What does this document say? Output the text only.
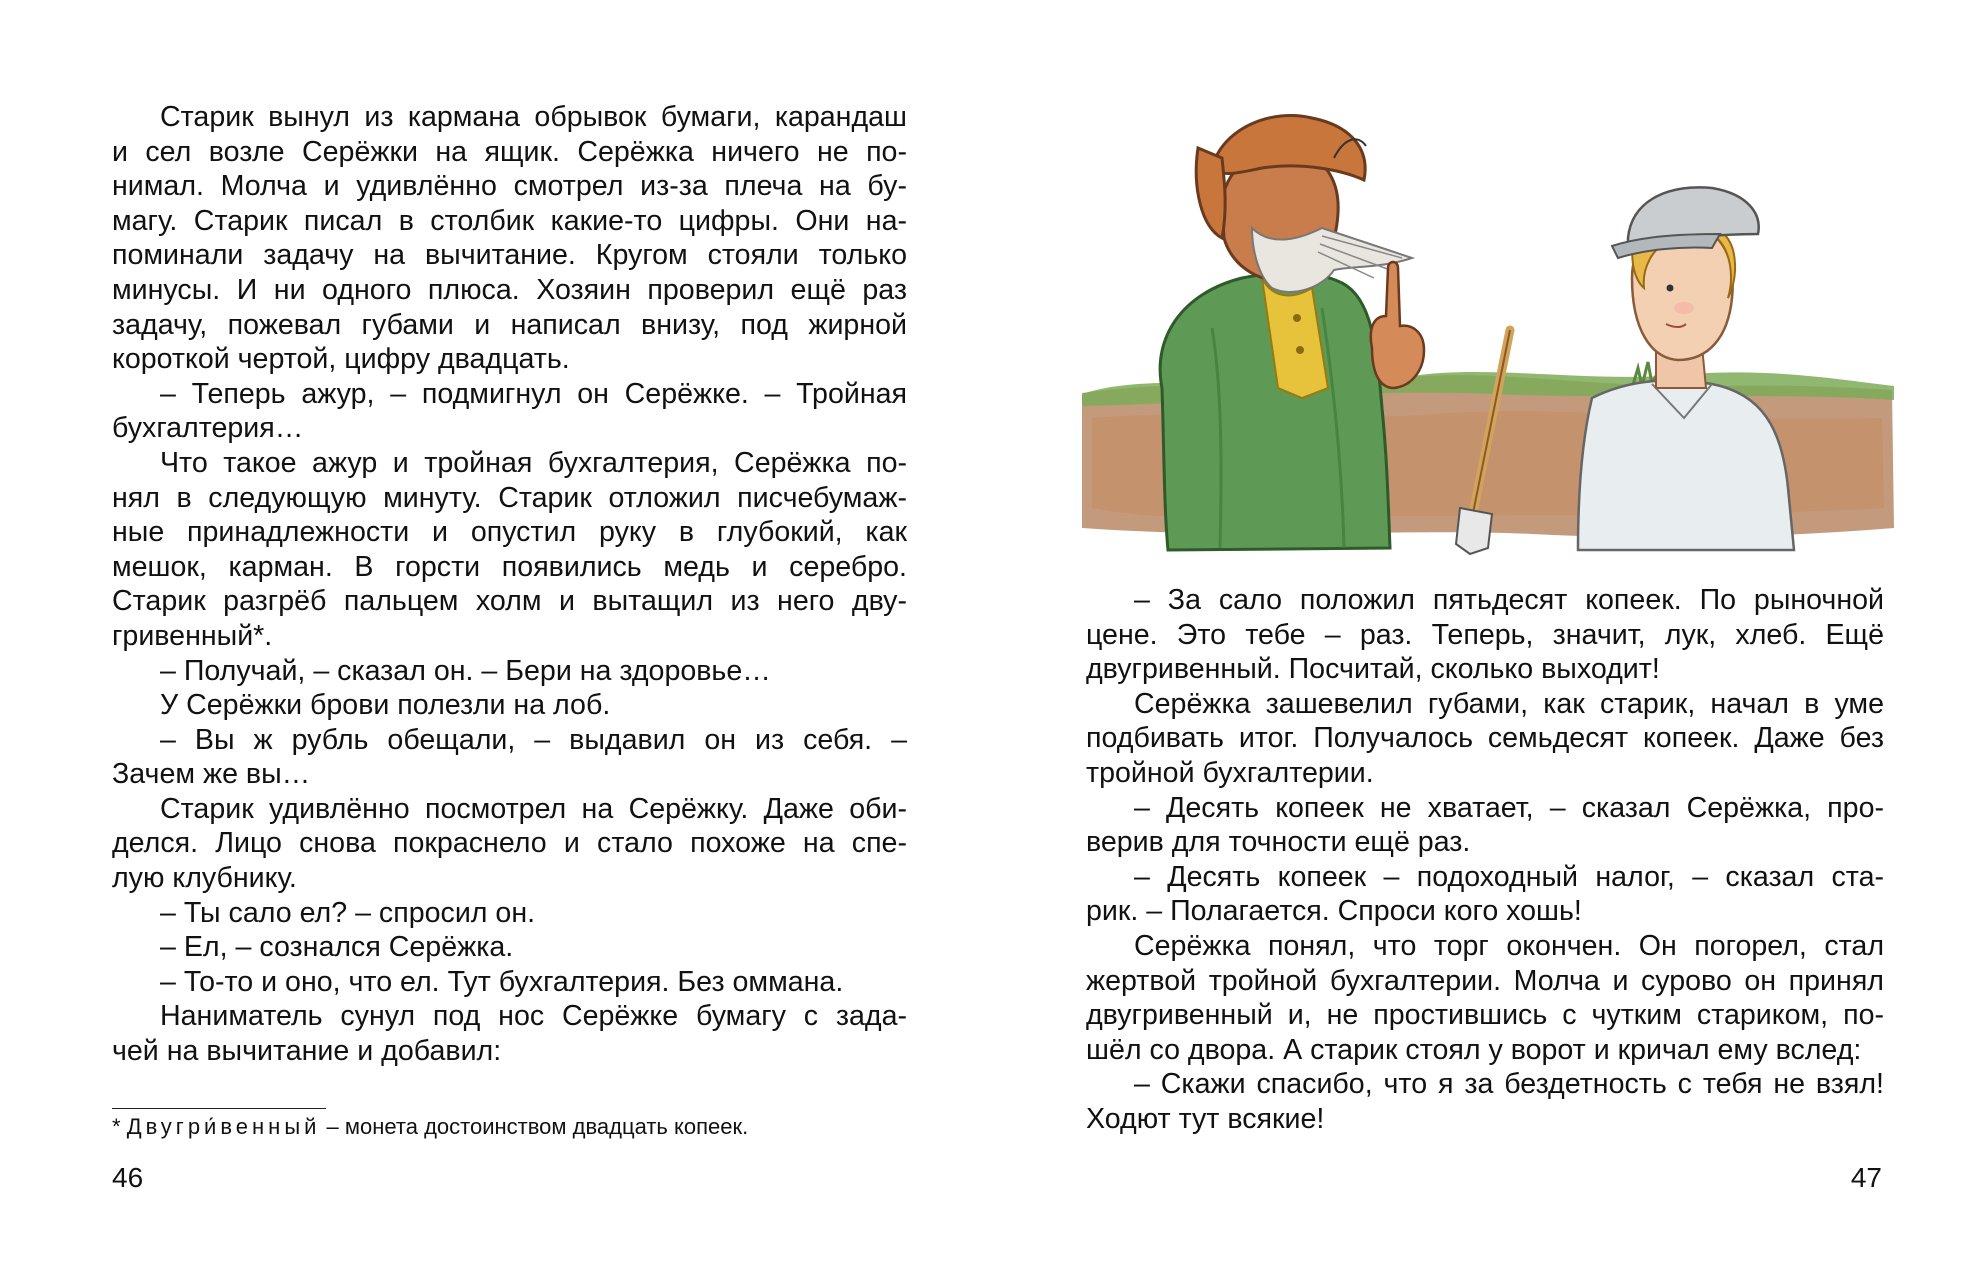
Старик вынул из кармана обрывок бумаги, карандаш
и сел возле Серёжки на ящик. Серёжка ничего не по-
нимал. Молча и удивлённо смотрел из-за плеча на бу-
магу. Старик писал в столбик какие-то цифры. Они на-
поминали задачу на вычитание. Кругом стояли только
минусы. И ни одного плюса. Хозяин проверил ещё раз
задачу, пожевал губами и написал внизу, под жирной
короткой чертой, цифру двадцать.

– Теперь ажур, – подмигнул он Серёжке. – Тройная
бухгалтерия…

Что такое ажур и тройная бухгалтерия, Серёжка по-
нял в следующую минуту. Старик отложил писчебумаж-
ные принадлежности и опустил руку в глубокий, как
мешок, карман. В горсти появились медь и серебро.
Старик разгрёб пальцем холм и вытащил из него дву-
гривенный*.

– Получай, – сказал он. – Бери на здоровье…

У Серёжки брови полезли на лоб.

– Вы ж рубль обещали, – выдавил он из себя. –
Зачем же вы…

Старик удивлённо посмотрел на Серёжку. Даже оби-
делся. Лицо снова покраснело и стало похоже на спе-
лую клубнику.

– Ты сало ел? – спросил он.

– Ел, – сознался Серёжка.

– То-то и оно, что ел. Тут бухгалтерия. Без оммана.

Наниматель сунул под нос Серёжке бумагу с зада-
чей на вычитание и добавил:

* Двугри́венный – монета достоинством двадцать копеек.
46

– За сало положил пятьдесят копеек. По рыночной
цене. Это тебе – раз. Теперь, значит, лук, хлеб. Ещё
двугривенный. Посчитай, сколько выходит!

Серёжка зашевелил губами, как старик, начал в уме
подбивать итог. Получалось семьдесят копеек. Даже без
тройной бухгалтерии.

– Десять копеек не хватает, – сказал Серёжка, про-
верив для точности ещё раз.

– Десять копеек – подоходный налог, – сказал ста-
рик. – Полагается. Спроси кого хошь!

Серёжка понял, что торг окончен. Он погорел, стал
жертвой тройной бухгалтерии. Молча и сурово он принял
двугривенный и, не простившись с чутким стариком, по-
шёл со двора. А старик стоял у ворот и кричал ему вслед:

– Скажи спасибо, что я за бездетность с тебя не взял!
Ходют тут всякие!

47
